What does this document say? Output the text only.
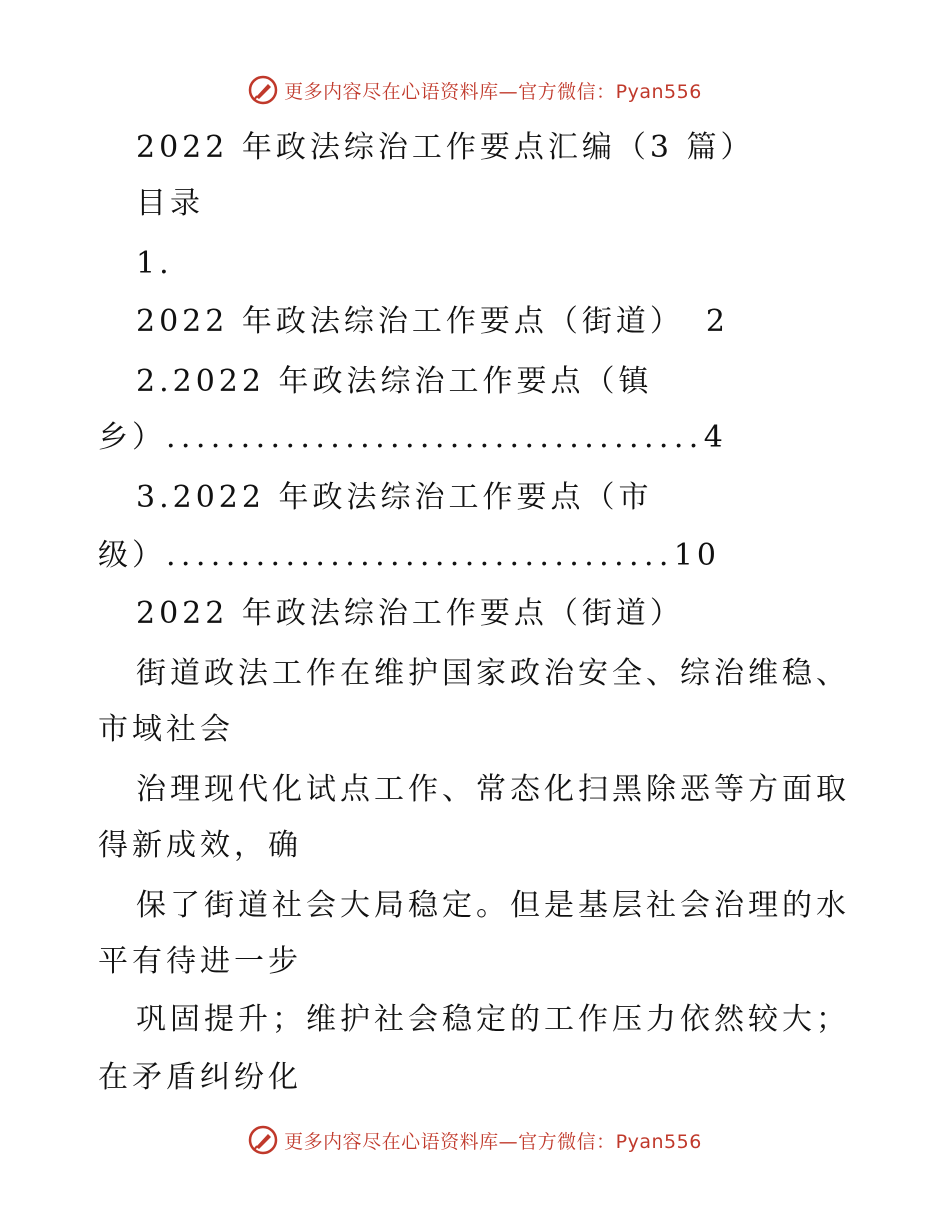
更多内容尽在心语资料库—官方微信：Pyan556
2022 年政法综治工作要点汇编（3 篇）
目录
1.
2022 年政法综治工作要点（街道） 2
2.2022 年政法综治工作要点（镇
乡） .................................... 4
3.2022 年政法综治工作要点（市
级） .................................. 10
2022 年政法综治工作要点（街道）
街道政法工作在维护国家政治安全、综治维稳、
市域社会
治理现代化试点工作、常态化扫黑除恶等方面取
得新成效，确
保了街道社会大局稳定。但是基层社会治理的水
平有待进一步
巩固提升；维护社会稳定的工作压力依然较大；
在矛盾纠纷化
更多内容尽在心语资料库—官方微信：Pyan556
